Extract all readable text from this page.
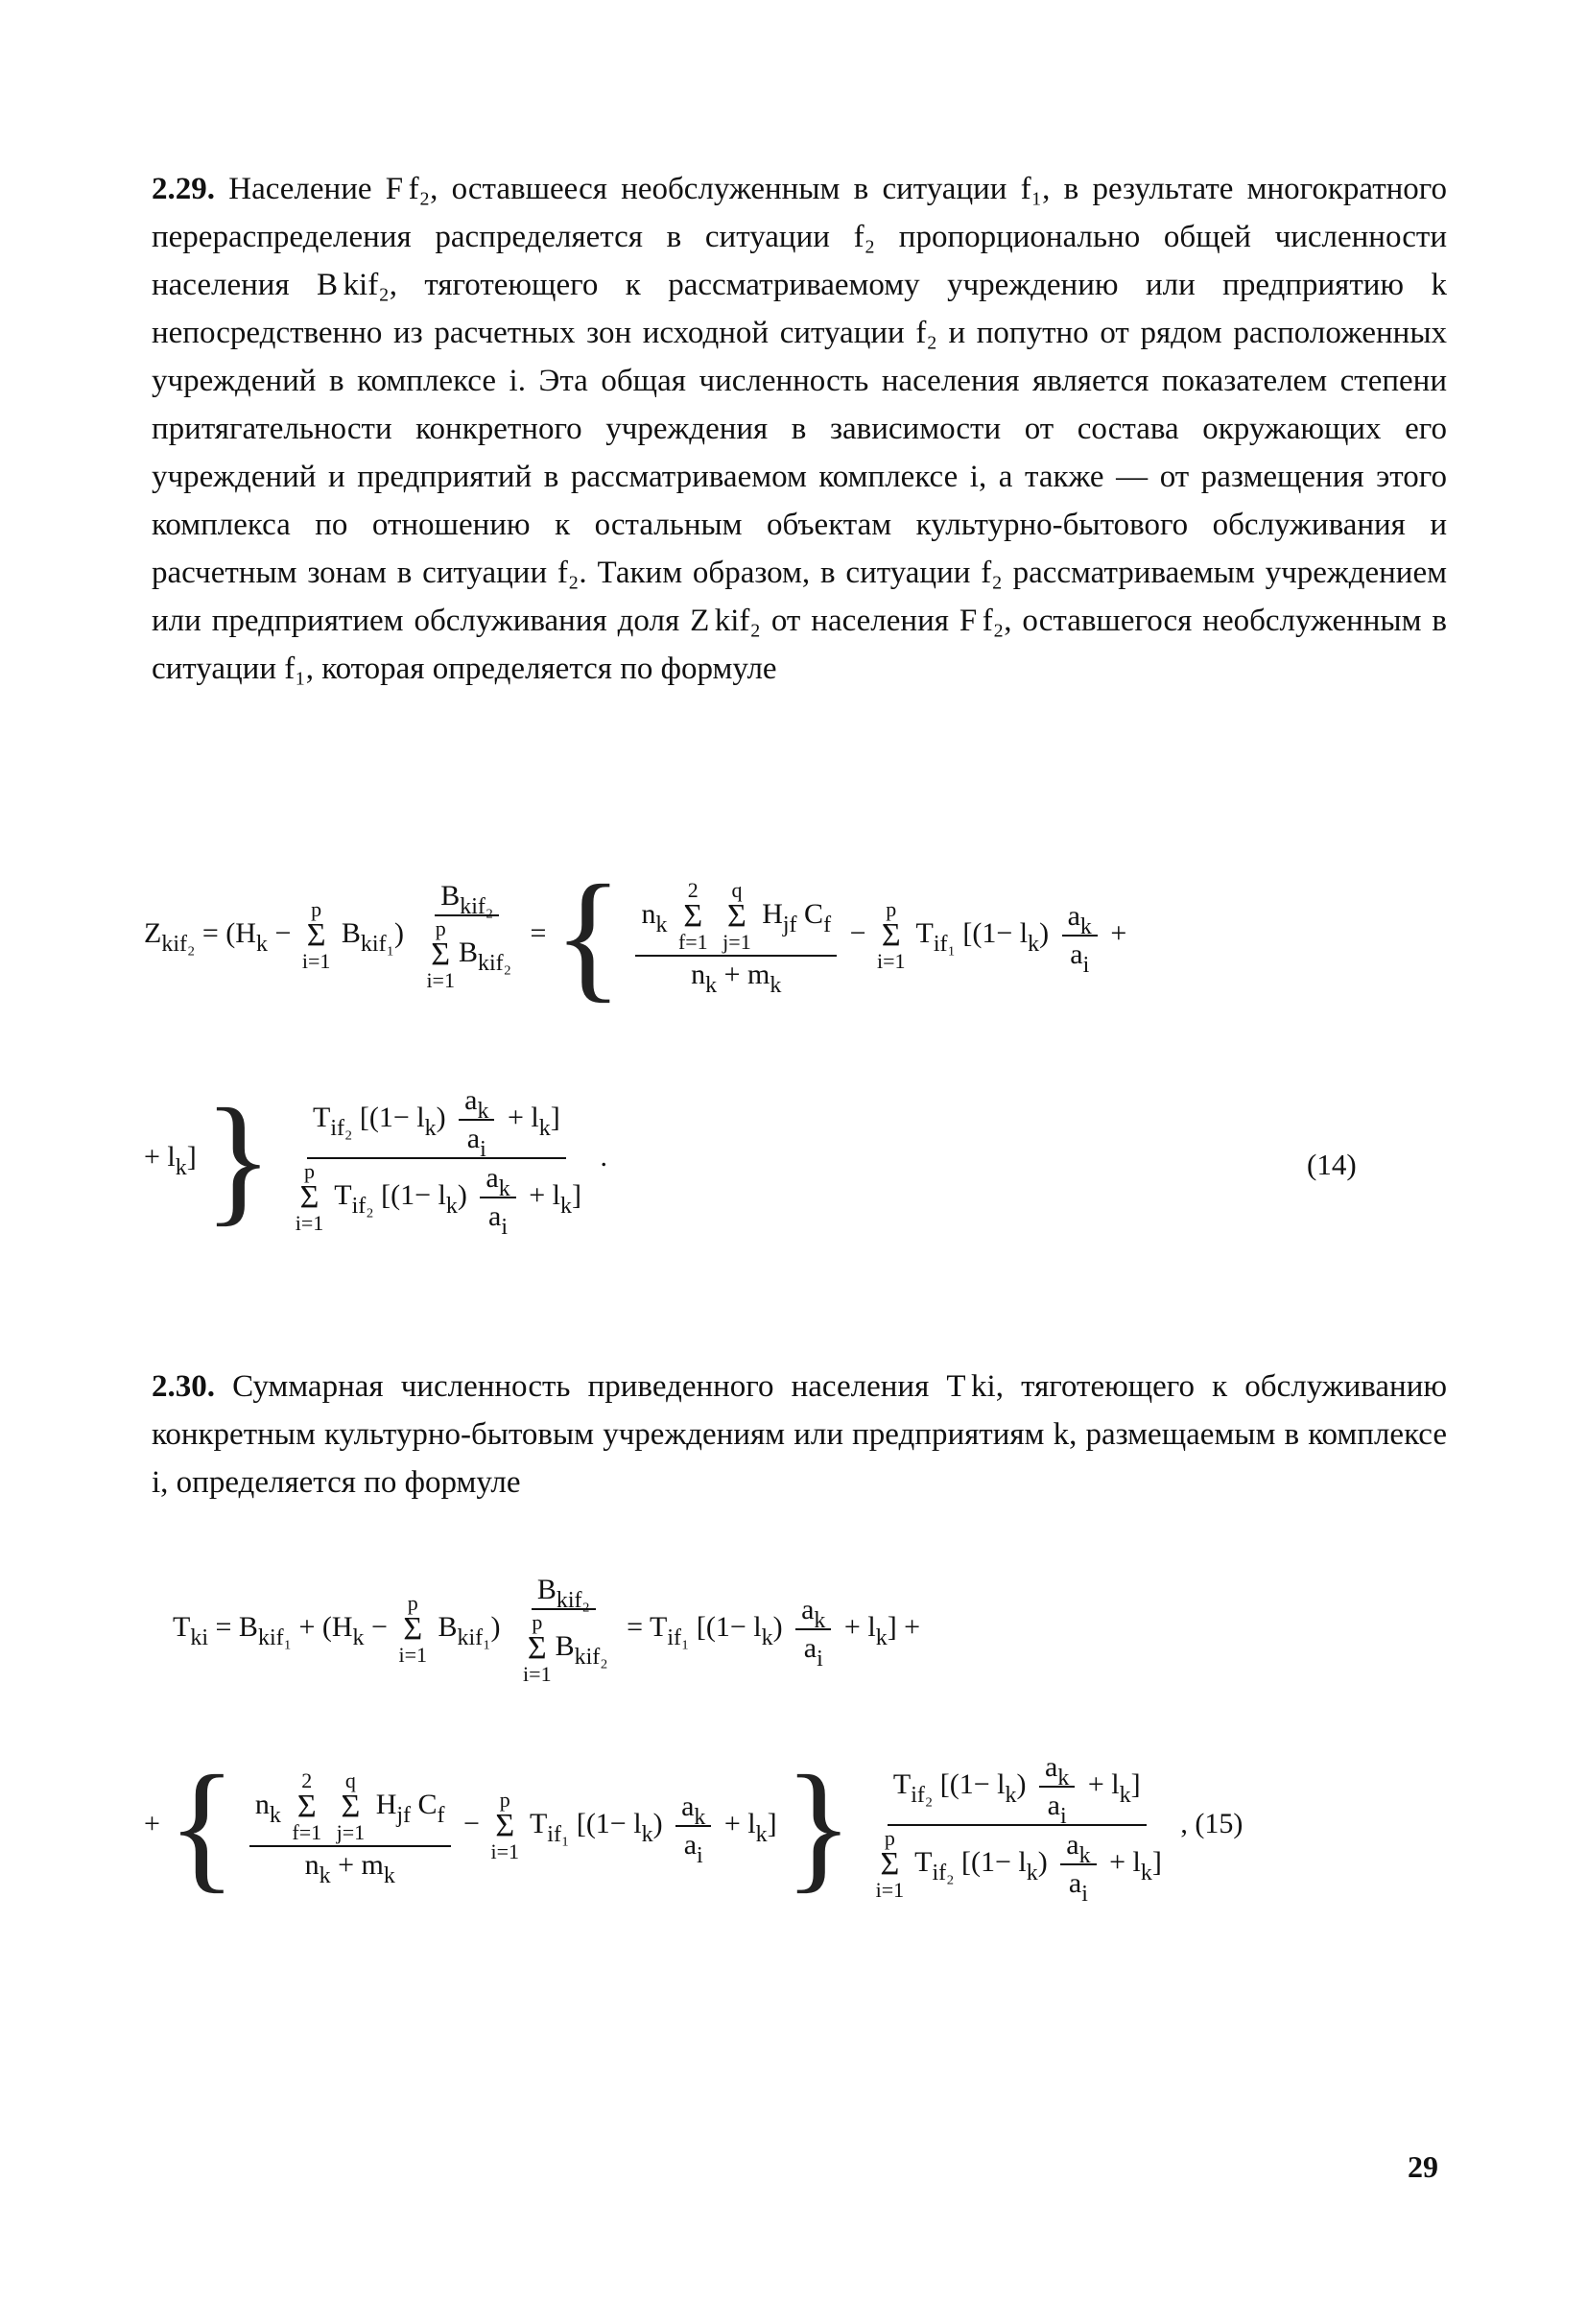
2.29. Население F f₂, оставшееся необслуженным в ситуации f₁, в результате многократного перераспределения распределяется в ситуации f₂ пропорционально общей численности населения B kif₂, тяготеющего к рассматриваемому учреждению или предприятию k непосредственно из расчетных зон исходной ситуации f₂ и попутно от рядом расположенных учреждений в комплексе i. Эта общая численность населения является показателем степени притягательности конкретного учреждения в зависимости от состава окружающих его учреждений и предприятий в рассматриваемом комплексе i, а также — от размещения этого комплекса по отношению к остальным объектам культурно-бытового обслуживания и расчетным зонам в ситуации f₂. Таким образом, в ситуации f₂ рассматриваемым учреждением или предприятием обслуживания доля Z kif₂ от населения F f₂, оставшегося необслуженным в ситуации f₁, которая определяется по формуле
$Z_{kif_2} = (H_k$ −
p
Σ
i=1
$B_{kif_1}$) $B_{kif_2}$
p
Σ
i=1
$B_{kif_2}$ = { $n_k$
2
Σ
f=1

q
Σ
j=1
$H_{jf}$ $C_f$
$n_k + m_k$ −
p
Σ
i=1
$T_{if_1}$ [$(1- l_k) \frac{a_k}{a_i}$ +
+ $l_k$] } $T_{if_2}$ $[(1- l_k) \frac{a_k}{a_i} + l_k]$
p
Σ
i=1
$T_{if_2}$ $[(1- l_k) \frac{a_k}{a_i} + l_k]$ .	(14)
2.30. Суммарная численность приведенного населения T ki, тяготеющего к обслуживанию конкретным культурно-бытовым учреждениям или предприятиям k, размещаемым в комплексе i, определяется по формуле
$T_{ki} = B_{kif_1} + (H_k$ −
p
Σ
i=1
$B_{kif_1}$) $B_{kif_2}$
p
Σ
i=1
$B_{kif_2} = T_{if_1}$ $[(1- l_k) \frac{a_k}{a_i} + l_k]$ +
+ { $n_k$
2
Σ
f=1

q
Σ
j=1
$H_{jf}$ $C_f$
$n_k + m_k$ −
p
Σ
i=1
$T_{if_1}$ $[(1- l_k) \frac{a_k}{a_i} + l_k]$ } $T_{if_2}$ $[(1- l_k) \frac{a_k}{a_i} + l_k]$
p
Σ
i=1
$T_{if_2}$ $[(1- l_k) \frac{a_k}{a_i} + l_k]$ , (15)
29
